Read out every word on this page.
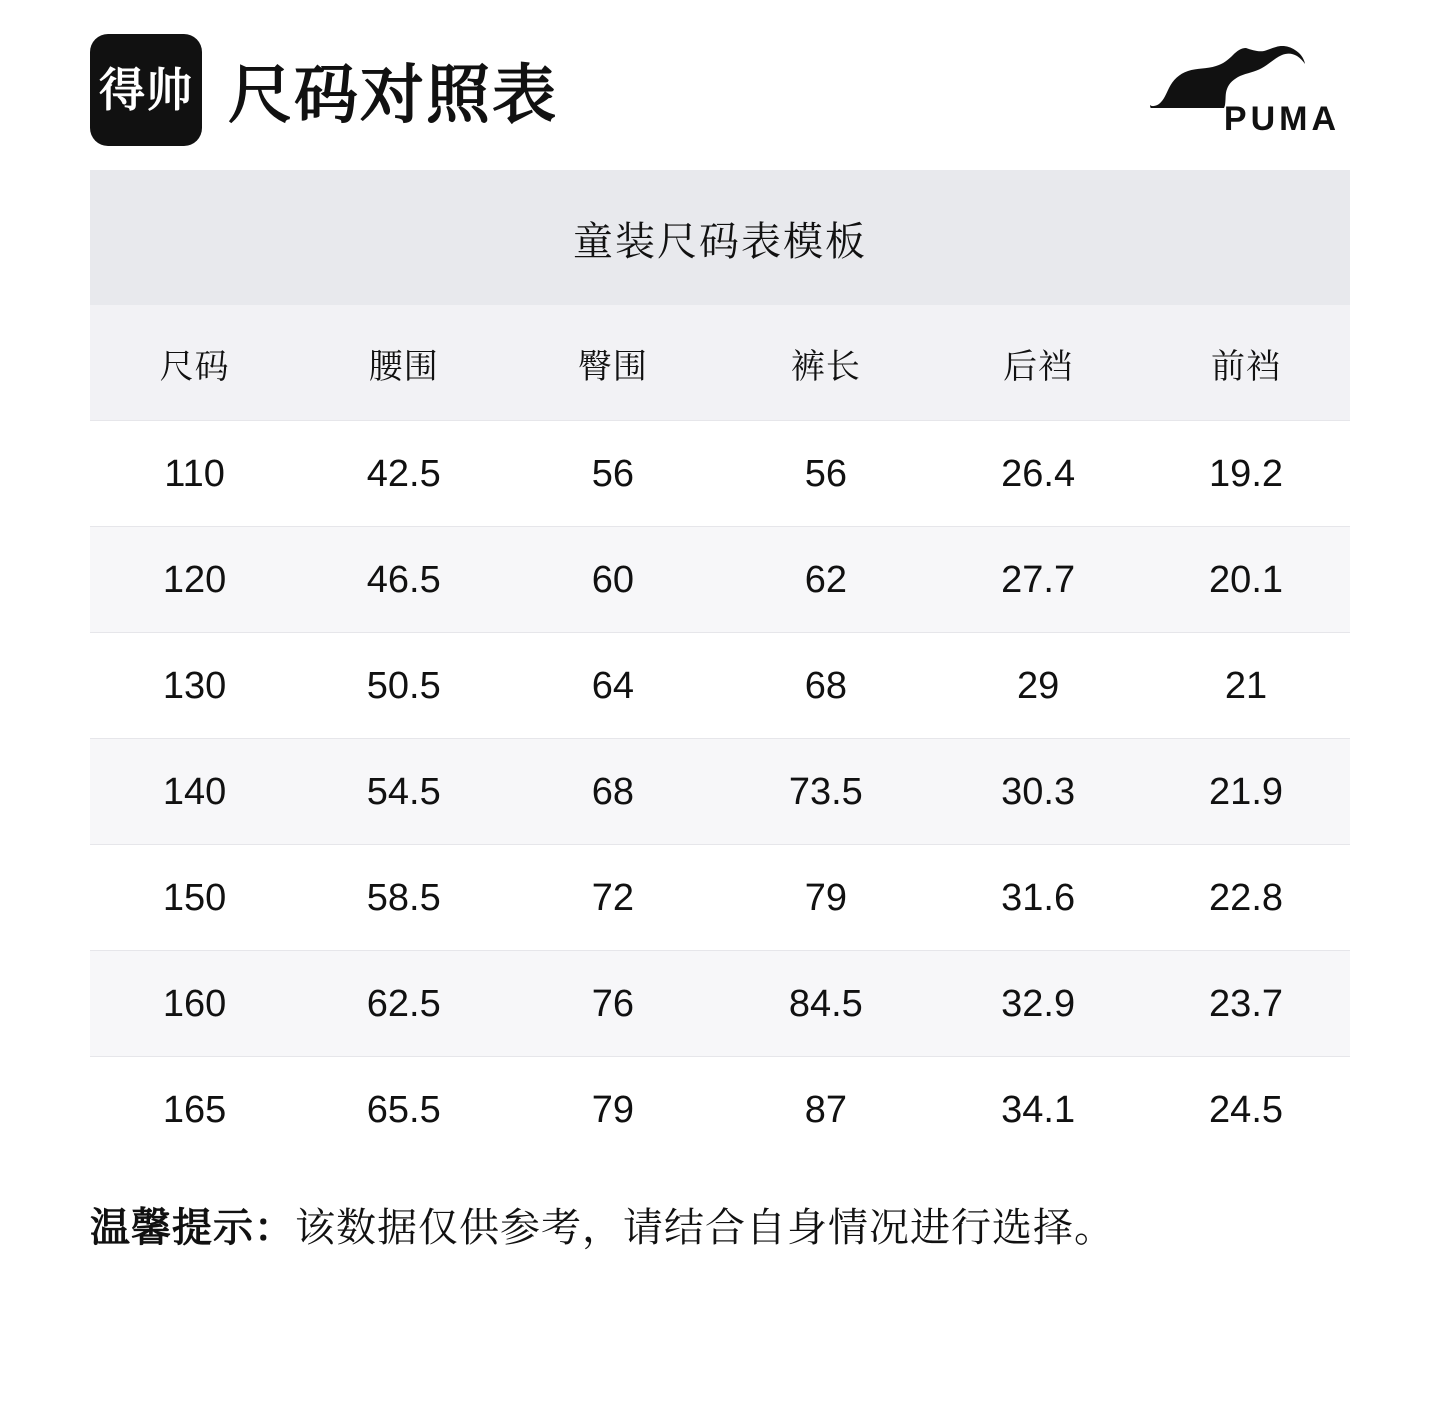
得帅 尺码对照表	PUMA
童装尺码表模板
尺码	腰围	臀围	裤长	后裆	前裆
110	42.5	56	56	26.4	19.2
120	46.5	60	62	27.7	20.1
130	50.5	64	68	29	21
140	54.5	68	73.5	30.3	21.9
150	58.5	72	79	31.6	22.8
160	62.5	76	84.5	32.9	23.7
165	65.5	79	87	34.1	24.5
温馨提示：该数据仅供参考，请结合自身情况进行选择。
